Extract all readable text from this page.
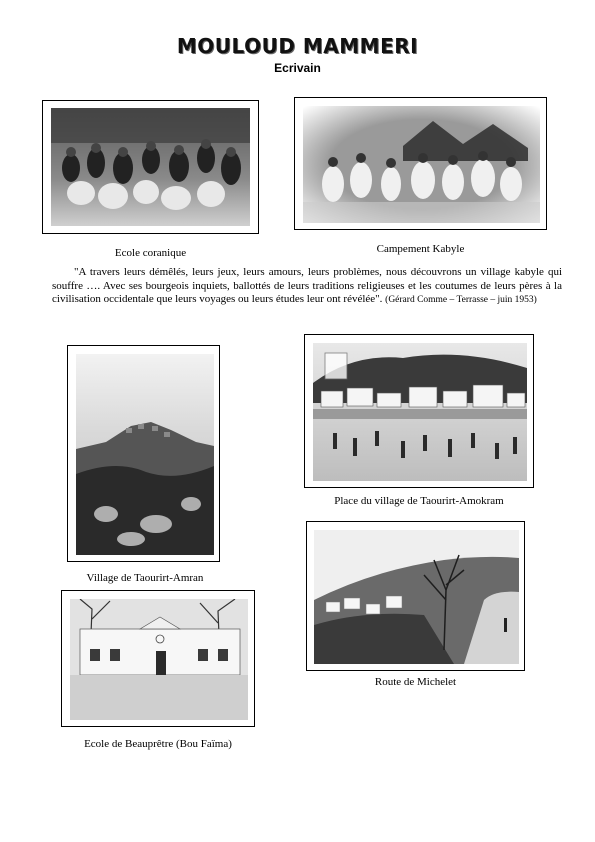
MOULOUD MAMMERI
Ecrivain
Ecole coranique	Campement Kabyle
"A travers leurs démêlés, leurs jeux, leurs amours, leurs problèmes, nous découvrons un village kabyle qui souffre …. Avec ses bourgeois inquiets, ballottés de leurs traditions religieuses et les coutumes de leurs pères à la civilisation occidentale que leurs voyages ou leurs études leur ont révélée". (Gérard Comme – Terrasse – juin 1953)
Village de Taourirt-Amran
Place du village de Taourirt-Amokram
Route de Michelet
Ecole de Beauprêtre (Bou Faïma)
